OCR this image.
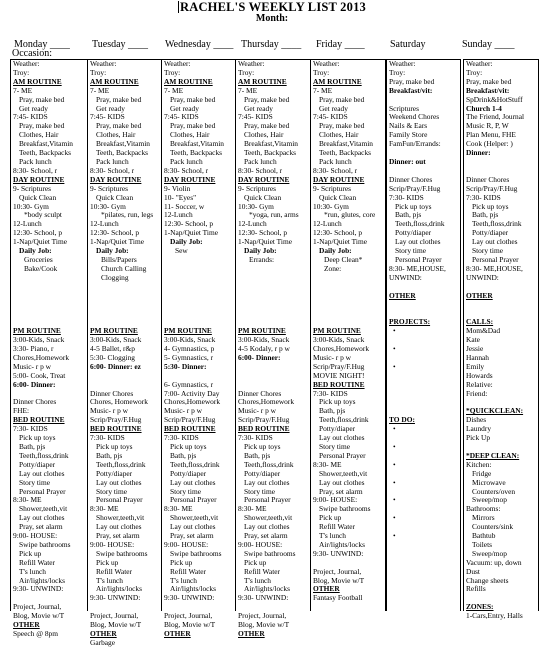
RACHEL'S WEEKLY LIST 2013
Month:
Monday ____ Tuesday ____ Wednesday ____ Thursday ____ Friday ____	Saturday	Sunday ____
Occasion:
Weather:
Troy:
AM ROUTINE
7- ME
Pray, make bed
Get ready
7:45- KIDS
Pray, make bed
Clothes, Hair
Breakfast,Vitamin
Teeth, Backpacks
Pack lunch
8:30- School, r
DAY ROUTINE
9- Scriptures
Quick Clean
10:30- Gym
*body sculpt
12-Lunch
12:30- School, p
1-Nap/Quiet Time
Daily Job:
Groceries
Bake/Cook

PM ROUTINE
3:00-Kids, Snack
3:30- Piano, r
Chores,Homework
Music- r p w
5:00- Cook, Treat
6:00- Dinner:

Dinner Chores
FHE:
BED ROUTINE
7:30- KIDS
Pick up toys
Bath, pjs
Teeth,floss,drink
Potty/diaper
Lay out clothes
Story time
Personal Prayer
8:30- ME
Shower,teeth,vit
Lay out clothes
Pray, set alarm
9:00- HOUSE:
Swipe bathrooms
Pick up
Refill Water
T's lunch
Air/lights/locks
9:30- UNWIND:

Project, Journal,
Blog, Movie w/T
OTHER
Speech @ 8pm
Weather:
Troy:
AM ROUTINE
7- ME
Pray, make bed
Get ready
7:45- KIDS
Pray, make bed
Clothes, Hair
Breakfast,Vitamin
Teeth, Backpacks
Pack lunch
8:30- School, r
DAY ROUTINE
9- Scriptures
Quick Clean
10:30- Gym
*pilates, run, legs
12-Lunch
12:30- School, p
1-Nap/Quiet Time
Daily Job:
Bills/Papers
Church Calling
Clogging

PM ROUTINE
3:00-Kids, Snack
4-5 Ballet, r&p
5:30- Clogging
6:00- Dinner: ez

Dinner Chores
Chores, Homework
Music- r p w
Scrip/Pray/F.Hug
BED ROUTINE
7:30- KIDS
Pick up toys
Bath, pjs
Teeth,floss,drink
Potty/diaper
Lay out clothes
Story time
Personal Prayer
8:30- ME
Shower,teeth,vit
Lay out clothes
Pray, set alarm
9:00- HOUSE:
Swipe bathrooms
Pick up
Refill Water
T's lunch
Air/lights/locks
9:30- UNWIND:

Project, Journal,
Blog, Movie w/T
OTHER
Garbage
Weather:
Troy:
AM ROUTINE
7- ME
Pray, make bed
Get ready
7:45- KIDS
Pray, make bed
Clothes, Hair
Breakfast,Vitamin
Teeth, Backpacks
Pack lunch
8:30- School, r
DAY ROUTINE
9- Violin
10- "Eyes"
11- Soccer, w
12-Lunch
12:30- School, p
1-Nap/Quiet Time
Daily Job:
Sew

PM ROUTINE
3:00-Kids, Snack
4- Gymnastics, p
5- Gymnastics, r
5:30- Dinner:

6- Gymnastics, r
7:00- Activity Day
Chores,Homework
Music- r p w
Scrip/Pray/F.Hug
BED ROUTINE
7:30- KIDS
Pick up toys
Bath, pjs
Teeth,floss,drink
Potty/diaper
Lay out clothes
Story time
Personal Prayer
8:30- ME
Shower,teeth,vit
Lay out clothes
Pray, set alarm
9:00- HOUSE:
Swipe bathrooms
Pick up
Refill Water
T's lunch
Air/lights/locks
9:30- UNWIND:

Project, Journal,
Blog, Movie w/T
OTHER

Weather:
Troy:
AM ROUTINE
7- ME
Pray, make bed
Get ready
7:45- KIDS
Pray, make bed
Clothes, Hair
Breakfast,Vitamin
Teeth, Backpacks
Pack lunch
8:30- School, r
DAY ROUTINE
9- Scriptures
Quick Clean
10:30- Gym
*yoga, run, arms
12-Lunch
12:30- School, p
1-Nap/Quiet Time
Daily Job:
Errands:

PM ROUTINE
3:00-Kids, Snack
4-5 Kodaly, r p w
6:00- Dinner:

Dinner Chores
Chores,Homework
Music- r p w
Scrip/Pray/F.Hug
BED ROUTINE
7:30- KIDS
Pick up toys
Bath, pjs
Teeth,floss,drink
Potty/diaper
Lay out clothes
Story time
Personal Prayer
8:30- ME
Shower,teeth,vit
Lay out clothes
Pray, set alarm
9:00- HOUSE:
Swipe bathrooms
Pick up
Refill Water
T's lunch
Air/lights/locks
9:30- UNWIND:

Project, Journal,
Blog, Movie w/T
OTHER

Weather:
Troy:
AM ROUTINE
7- ME
Pray, make bed
Get ready
7:45- KIDS
Pray, make bed
Clothes, Hair
Breakfast,Vitamin
Teeth, Backpacks
Pack lunch
8:30- School, r
DAY ROUTINE
9- Scriptures
Quick Clean
10:30- Gym
*run, glutes, core
12-Lunch
12:30- School, p
1-Nap/Quiet Time
Daily Job:
Deep Clean*
Zone:

PM ROUTINE
3:00-Kids, Snack
Chores,Homework
Music- r p w
Scrip/Pray/F.Hug
MOVIE NIGHT!
BED ROUTINE
7:30- KIDS
Pick up toys
Bath, pjs
Teeth,floss,drink
Potty/diaper
Lay out clothes
Story time
Personal Prayer
8:30- ME
Shower,teeth,vit
Lay out clothes
Pray, set alarm
9:00- HOUSE:
Swipe bathrooms
Pick up
Refill Water
T's lunch
Air/lights/locks
9:30- UNWIND:

Project, Journal,
Blog, Movie w/T
OTHER
Fantasy Football
Weather:
Troy:
Pray, make bed
Breakfast/vit:

Scriptures
Weekend Chores
Nails & Ears
Family Store
FamFun/Errands:

Dinner: out

Dinner Chores
Scrip/Pray/F.Hug
7:30- KIDS
Pick up toys
Bath, pjs
Teeth,floss,drink
Potty/diaper
Lay out clothes
Story time
Personal Prayer
8:30- ME,HOUSE,
UNWIND:

OTHER

PROJECTS:
•

•

•

TO DO:
•

•

•

•

•

•

•
Weather:
Troy:
Pray, make bed
Breakfast/vit:
SpDrink&HotStuff
Church 1-4
The Friend, Journal
Music R, P, W
Plan Menu, FHE
Cook (Helper: )
Dinner:

Dinner Chores
Scrip/Pray/F.Hug
7:30- KIDS
Pick up toys
Bath, pjs
Teeth,floss,drink
Potty/diaper
Lay out clothes
Story time
Personal Prayer
8:30- ME,HOUSE,
UNWIND:

OTHER

CALLS:
Mom&Dad
Kate
Jessie
Hannah
Emily
Howards
Relative:
Friend:

*QUICKCLEAN:
Dishes
Laundry
Pick Up

*DEEP CLEAN:
Kitchen:
Fridge
Microwave
Counters/oven
Sweep/mop
Bathrooms:
Mirrors
Counters/sink
Bathtub
Toilets
Sweep/mop
Vacuum: up, down
Dust
Change sheets
Refills

ZONES:
1-Cars,Entry, Halls
